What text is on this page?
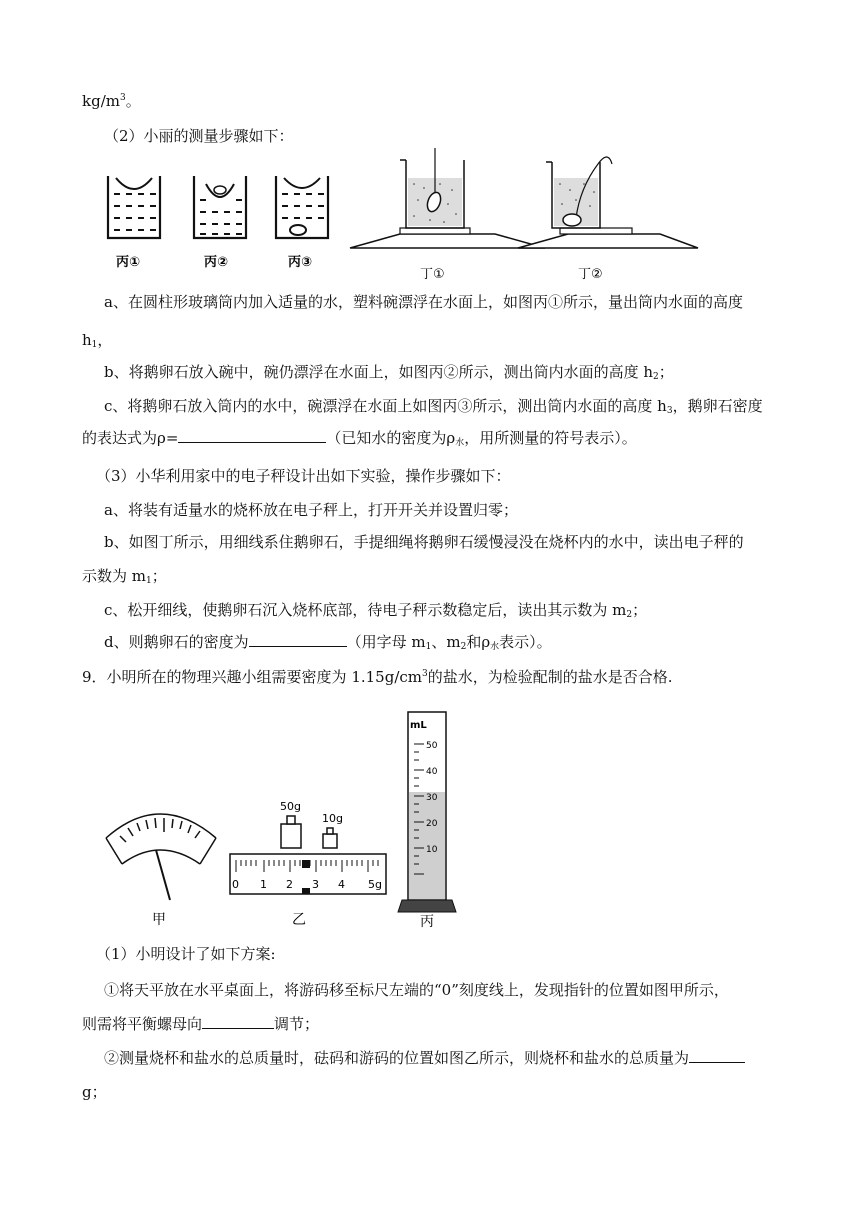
$kg/m^3$。
（2）小丽的测量步骤如下：
丙①	丙②	丙③
丁①	丁②
a、在圆柱形玻璃筒内加入适量的水，塑料碗漂浮在水面上，如图丙①所示，量出筒内水面的高度
$h_1$，
b、将鹅卵石放入碗中，碗仍漂浮在水面上，如图丙②所示，测出筒内水面的高度 $h_2$；
c、将鹅卵石放入筒内的水中，碗漂浮在水面上如图丙③所示，测出筒内水面的高度 $h_3$，鹅卵石密度
的表达式为ρ=	（已知水的密度为$\rho_水$，用所测量的符号表示）。
（3）小华利用家中的电子秤设计出如下实验，操作步骤如下：
a、将装有适量水的烧杯放在电子秤上，打开开关并设置归零；
b、如图丁所示，用细线系住鹅卵石，手提细绳将鹅卵石缓慢浸没在烧杯内的水中，读出电子秤的
示数为 $m_1$；
c、松开细线，使鹅卵石沉入烧杯底部，待电子秤示数稳定后，读出其示数为 $m_2$；
d、则鹅卵石的密度为	（用字母 $m_1$、$m_2$和$\rho_水$表示）。
9．小明所在的物理兴趣小组需要密度为 $1.15g/cm^3$的盐水，为检验配制的盐水是否合格.
甲
0 1 2 3 4 5g
50g
10g
乙
mL
50
40
30
20
10
丙
（1）小明设计了如下方案:
①将天平放在水平桌面上，将游码移至标尺左端的“0”刻度线上，发现指针的位置如图甲所示，
则需将平衡螺母向	调节；
②测量烧杯和盐水的总质量时，砝码和游码的位置如图乙所示，则烧杯和盐水的总质量为
g；
